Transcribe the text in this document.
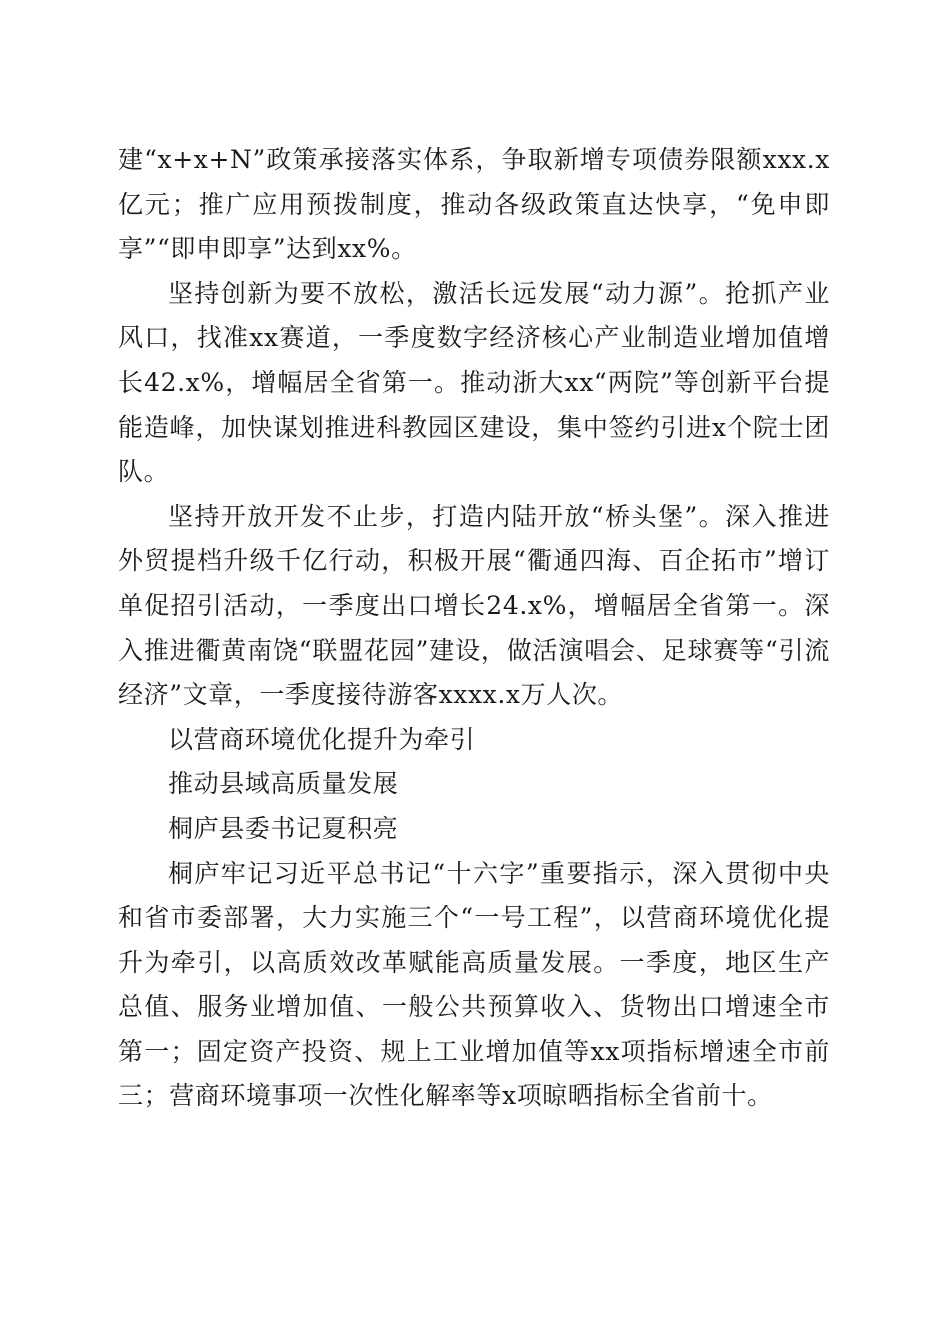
建“x+x+N”政策承接落实体系，争取新增专项债券限额xxx.x亿元；推广应用预拨制度，推动各级政策直达快享，“免申即享”“即申即享”达到xx%。

坚持创新为要不放松，激活长远发展“动力源”。抢抓产业风口，找准xx赛道，一季度数字经济核心产业制造业增加值增长42.x%，增幅居全省第一。推动浙大xx“两院”等创新平台提能造峰，加快谋划推进科教园区建设，集中签约引进x个院士团队。

坚持开放开发不止步，打造内陆开放“桥头堡”。深入推进外贸提档升级千亿行动，积极开展“衢通四海、百企拓市”增订单促招引活动，一季度出口增长24.x%，增幅居全省第一。深入推进衢黄南饶“联盟花园”建设，做活演唱会、足球赛等“引流经济”文章，一季度接待游客xxxx.x万人次。

以营商环境优化提升为牵引

推动县域高质量发展

桐庐县委书记夏积亮

桐庐牢记习近平总书记“十六字”重要指示，深入贯彻中央和省市委部署，大力实施三个“一号工程”，以营商环境优化提升为牵引，以高质效改革赋能高质量发展。一季度，地区生产总值、服务业增加值、一般公共预算收入、货物出口增速全市第一；固定资产投资、规上工业增加值等xx项指标增速全市前三；营商环境事项一次性化解率等x项晾晒指标全省前十。
